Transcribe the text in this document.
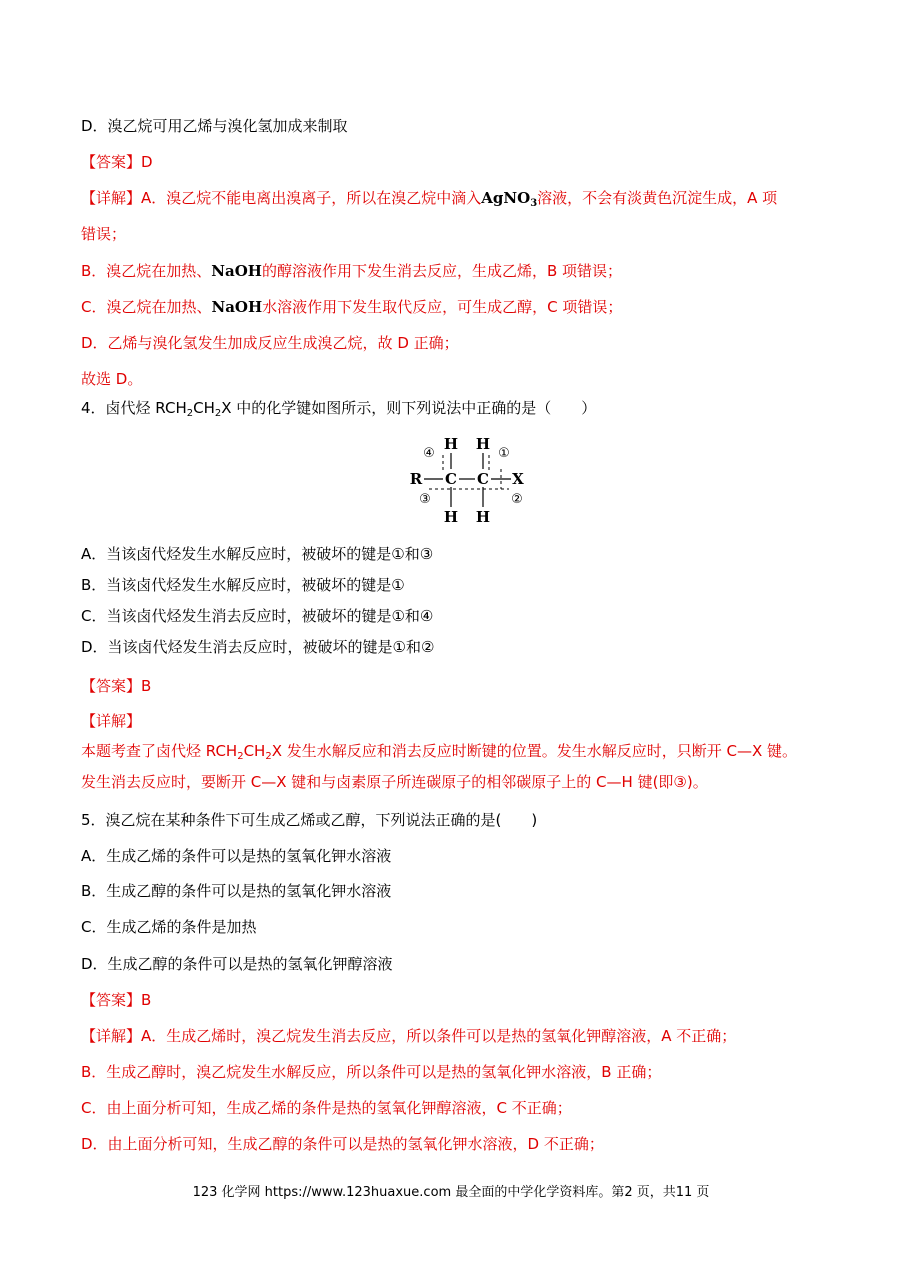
D．溴乙烷可用乙烯与溴化氢加成来制取
【答案】D
【详解】A．溴乙烷不能电离出溴离子，所以在溴乙烷中滴入AgNO$_3$溶液，不会有淡黄色沉淀生成，A 项
错误；
B．溴乙烷在加热、NaOH的醇溶液作用下发生消去反应，生成乙烯，B 项错误；
C．溴乙烷在加热、NaOH水溶液作用下发生取代反应，可生成乙醇，C 项错误；
D．乙烯与溴化氢发生加成反应生成溴乙烷，故 D 正确；
故选 D。
4．卤代烃 $RCH_2CH_2X$ 中的化学键如图所示，则下列说法中正确的是（　　）
H H
R C C X
H H
④	①
③	②
A．当该卤代烃发生水解反应时，被破坏的键是①和③
B．当该卤代烃发生水解反应时，被破坏的键是①
C．当该卤代烃发生消去反应时，被破坏的键是①和④
D．当该卤代烃发生消去反应时，被破坏的键是①和②
【答案】B
【详解】
本题考查了卤代烃 $RCH_2CH_2X$ 发生水解反应和消去反应时断键的位置。发生水解反应时，只断开 C—X 键。
发生消去反应时，要断开 C—X 键和与卤素原子所连碳原子的相邻碳原子上的 C—H 键(即③)。
5．溴乙烷在某种条件下可生成乙烯或乙醇，下列说法正确的是(　　)
A．生成乙烯的条件可以是热的氢氧化钾水溶液
B．生成乙醇的条件可以是热的氢氧化钾水溶液
C．生成乙烯的条件是加热
D．生成乙醇的条件可以是热的氢氧化钾醇溶液
【答案】B
【详解】A．生成乙烯时，溴乙烷发生消去反应，所以条件可以是热的氢氧化钾醇溶液，A 不正确；
B．生成乙醇时，溴乙烷发生水解反应，所以条件可以是热的氢氧化钾水溶液，B 正确；
C．由上面分析可知，生成乙烯的条件是热的氢氧化钾醇溶液，C 不正确；
D．由上面分析可知，生成乙醇的条件可以是热的氢氧化钾水溶液，D 不正确；
123 化学网 https://www.123huaxue.com 最全面的中学化学资料库。第2 页，共11 页
